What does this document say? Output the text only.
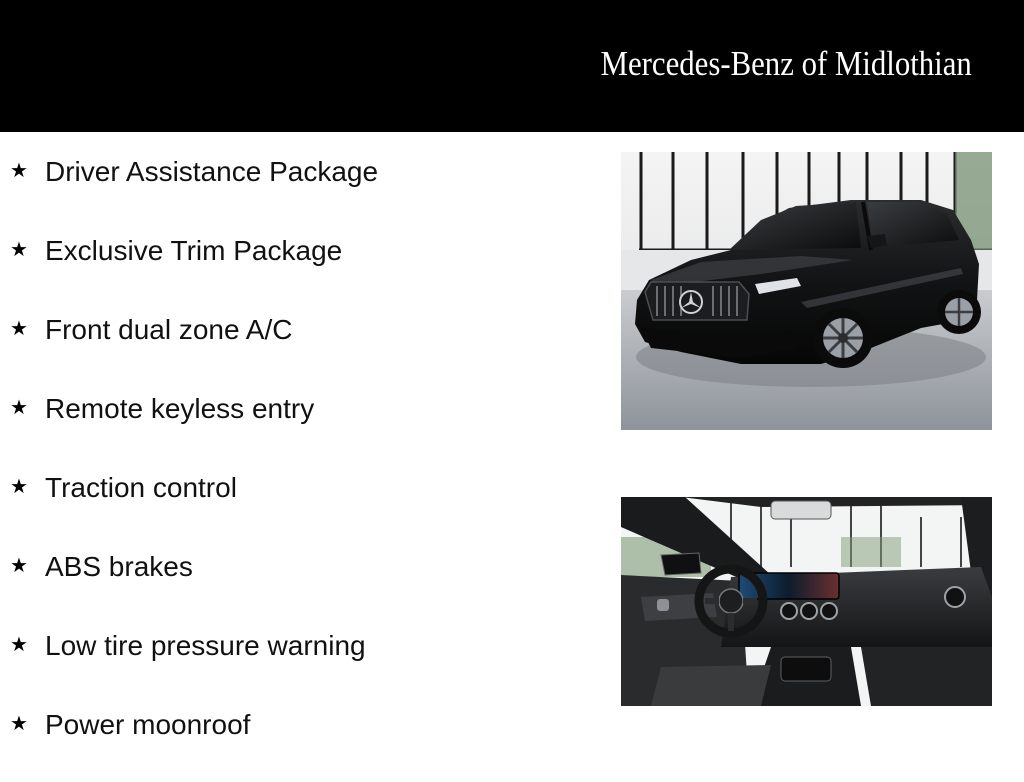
Mercedes-Benz of Midlothian
★ Driver Assistance Package
★ Exclusive Trim Package
★ Front dual zone A/C
★ Remote keyless entry
★ Traction control
★ ABS brakes
★ Low tire pressure warning
★ Power moonroof
